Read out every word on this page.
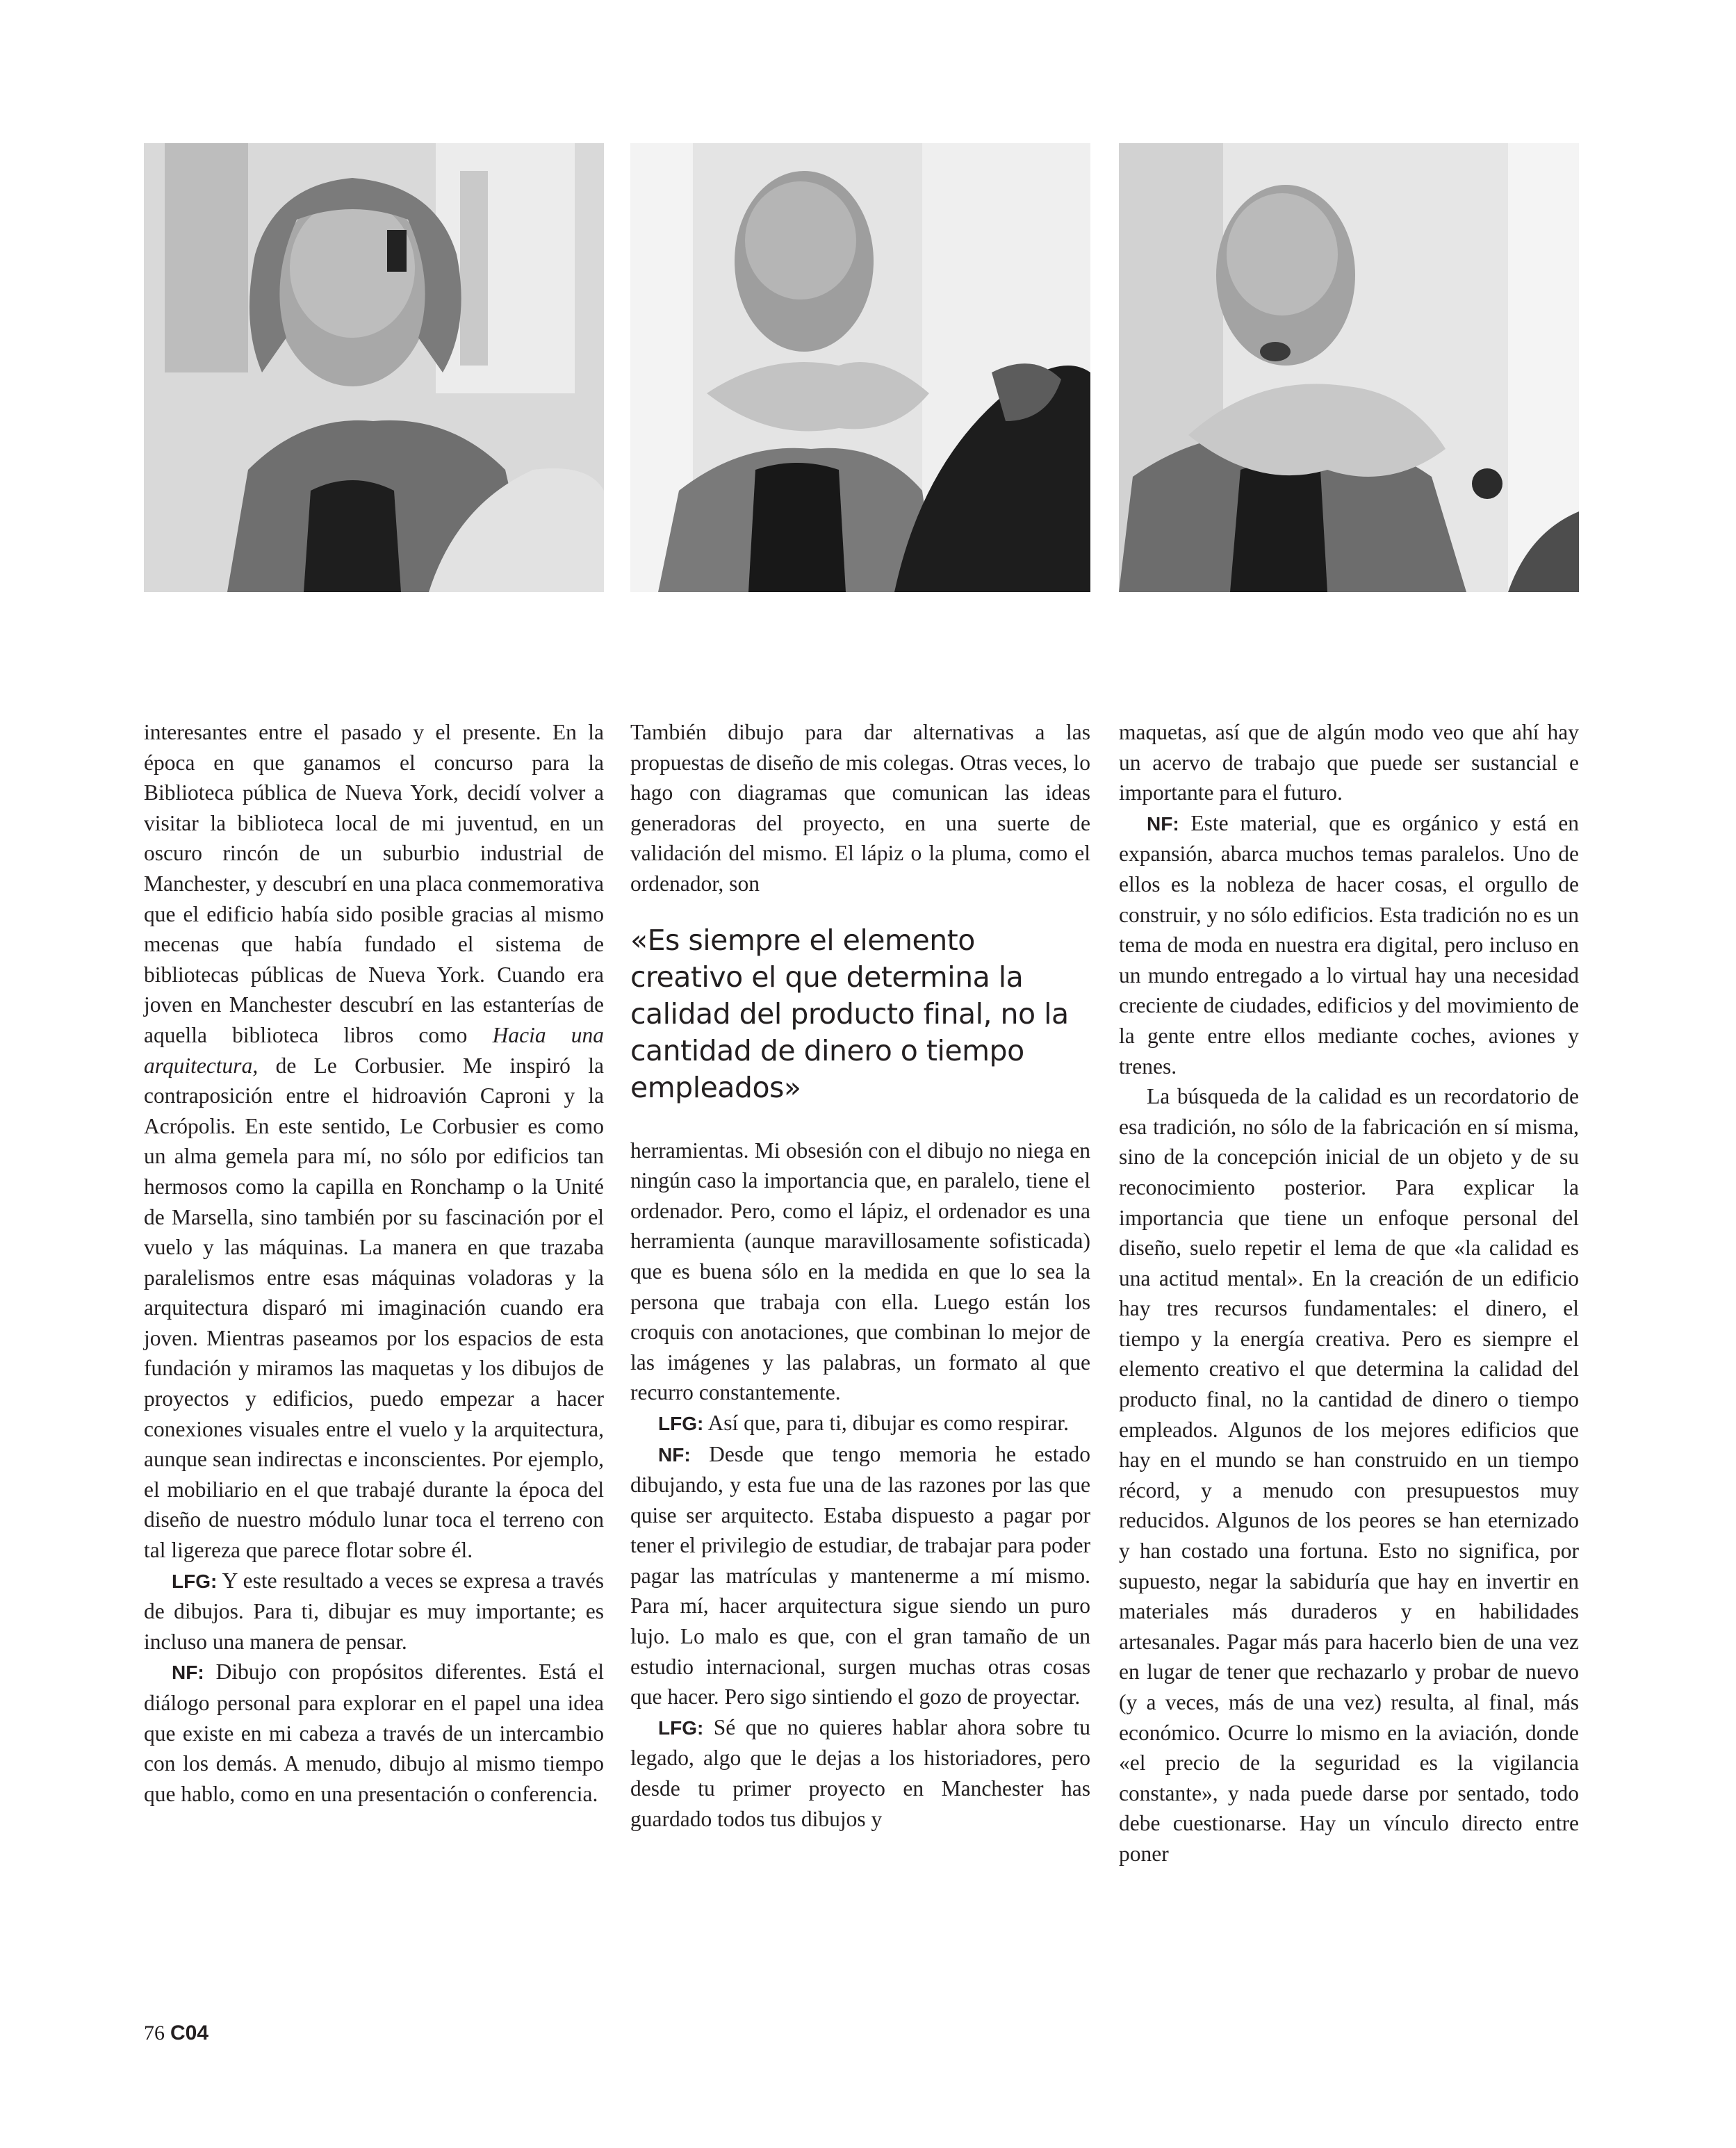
interesantes entre el pasado y el presente. En la época en que ganamos el concurso para la Biblioteca pública de Nueva York, decidí volver a visitar la biblioteca local de mi juventud, en un oscuro rincón de un suburbio industrial de Manchester, y descubrí en una placa conmemorativa que el edificio había sido posible gracias al mismo mecenas que había fundado el sistema de bibliotecas públicas de Nueva York. Cuando era joven en Manchester descubrí en las estanterías de aquella biblioteca libros como Hacia una arquitectura, de Le Corbusier. Me inspiró la contraposición entre el hidroavión Caproni y la Acrópolis. En este sentido, Le Corbusier es como un alma gemela para mí, no sólo por edificios tan hermosos como la capilla en Ronchamp o la Unité de Marsella, sino también por su fascinación por el vuelo y las máquinas. La manera en que trazaba paralelismos entre esas máquinas voladoras y la arquitectura disparó mi imaginación cuando era joven. Mientras paseamos por los espacios de esta fundación y miramos las maquetas y los dibujos de proyectos y edificios, puedo empezar a hacer conexiones visuales entre el vuelo y la arquitectura, aunque sean indirectas e inconscientes. Por ejemplo, el mobiliario en el que trabajé durante la época del diseño de nuestro módulo lunar toca el terreno con tal ligereza que parece flotar sobre él.

LFG: Y este resultado a veces se expresa a través de dibujos. Para ti, dibujar es muy importante; es incluso una manera de pensar.

NF: Dibujo con propósitos diferentes. Está el diálogo personal para explorar en el papel una idea que existe en mi cabeza a través de un intercambio con los demás. A menudo, dibujo al mismo tiempo que hablo, como en una presentación o conferencia.

También dibujo para dar alternativas a las propuestas de diseño de mis colegas. Otras veces, lo hago con diagramas que comunican las ideas generadoras del proyecto, en una suerte de validación del mismo. El lápiz o la pluma, como el ordenador, son

«Es siempre el elemento creativo el que determina la calidad del producto final, no la cantidad de dinero o tiempo empleados»

herramientas. Mi obsesión con el dibujo no niega en ningún caso la importancia que, en paralelo, tiene el ordenador. Pero, como el lápiz, el ordenador es una herramienta (aunque maravillosamente sofisticada) que es buena sólo en la medida en que lo sea la persona que trabaja con ella. Luego están los croquis con anotaciones, que combinan lo mejor de las imágenes y las palabras, un formato al que recurro constantemente.

LFG: Así que, para ti, dibujar es como respirar.

NF: Desde que tengo memoria he estado dibujando, y esta fue una de las razones por las que quise ser arquitecto. Estaba dispuesto a pagar por tener el privilegio de estudiar, de trabajar para poder pagar las matrículas y mantenerme a mí mismo. Para mí, hacer arquitectura sigue siendo un puro lujo. Lo malo es que, con el gran tamaño de un estudio internacional, surgen muchas otras cosas que hacer. Pero sigo sintiendo el gozo de proyectar.

LFG: Sé que no quieres hablar ahora sobre tu legado, algo que le dejas a los historiadores, pero desde tu primer proyecto en Manchester has guardado todos tus dibujos y

maquetas, así que de algún modo veo que ahí hay un acervo de trabajo que puede ser sustancial e importante para el futuro.

NF: Este material, que es orgánico y está en expansión, abarca muchos temas paralelos. Uno de ellos es la nobleza de hacer cosas, el orgullo de construir, y no sólo edificios. Esta tradición no es un tema de moda en nuestra era digital, pero incluso en un mundo entregado a lo virtual hay una necesidad creciente de ciudades, edificios y del movimiento de la gente entre ellos mediante coches, aviones y trenes.

La búsqueda de la calidad es un recordatorio de esa tradición, no sólo de la fabricación en sí misma, sino de la concepción inicial de un objeto y de su reconocimiento posterior. Para explicar la importancia que tiene un enfoque personal del diseño, suelo repetir el lema de que «la calidad es una actitud mental». En la creación de un edificio hay tres recursos fundamentales: el dinero, el tiempo y la energía creativa. Pero es siempre el elemento creativo el que determina la calidad del producto final, no la cantidad de dinero o tiempo empleados. Algunos de los mejores edificios que hay en el mundo se han construido en un tiempo récord, y a menudo con presupuestos muy reducidos. Algunos de los peores se han eternizado y han costado una fortuna. Esto no significa, por supuesto, negar la sabiduría que hay en invertir en materiales más duraderos y en habilidades artesanales. Pagar más para hacerlo bien de una vez en lugar de tener que rechazarlo y probar de nuevo (y a veces, más de una vez) resulta, al final, más económico. Ocurre lo mismo en la aviación, donde «el precio de la seguridad es la vigilancia constante», y nada puede darse por sentado, todo debe cuestionarse. Hay un vínculo directo entre poner

76 C04
